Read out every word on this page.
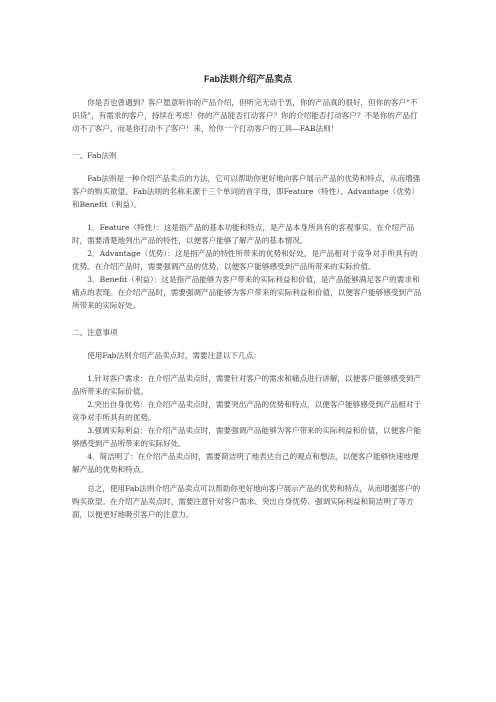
Fab法则介绍产品卖点

你是否也曾遇到？客户愿意听你的产品介绍，但听完无动于衷，你的产品真的很好，但你的客户“不识货”，有需求的客户，持续在考虑！你的产品能否打动客户？你的介绍能否打动客户？不是你的产品打动不了客户，而是你打动不了客户！来，给你一个打动客户的工具—FAB法则！

一、Fab法则

Fab法则是一种介绍产品卖点的方法，它可以帮助你更好地向客户展示产品的优势和特点，从而增强客户的购买欲望。Fab法则的名称来源于三个单词的首字母，即Feature（特性）、Advantage（优势）和Benefit（利益）。

1．Feature（特性）：这是指产品的基本功能和特点，是产品本身所具有的客观事实。在介绍产品时，需要清楚地列出产品的特性，以便客户能够了解产品的基本情况。

2．Advantage（优势）：这是指产品的特性所带来的优势和好处，是产品相对于竞争对手所具有的优势。在介绍产品时，需要强调产品的优势，以便客户能够感受到产品所带来的实际价值。

3．Benefit（利益）：这是指产品能够为客户带来的实际利益和价值，是产品能够满足客户的需求和痛点的表现。在介绍产品时，需要强调产品能够为客户带来的实际利益和价值，以便客户能够感受到产品所带来的实际好处。

二、注意事项

使用Fab法则介绍产品卖点时，需要注意以下几点：

1.针对客户需求：在介绍产品卖点时，需要针对客户的需求和痛点进行讲解，以便客户能够感受到产品所带来的实际价值。

2.突出自身优势：在介绍产品卖点时，需要突出产品的优势和特点，以便客户能够感受到产品相对于竞争对手所具有的优势。

3.强调实际利益：在介绍产品卖点时，需要强调产品能够为客户带来的实际利益和价值，以便客户能够感受到产品所带来的实际好处。

4．简洁明了：在介绍产品卖点时，需要简洁明了地表达自己的观点和想法，以便客户能够快速地理解产品的优势和特点。

总之，使用Fab法则介绍产品卖点可以帮助你更好地向客户展示产品的优势和特点，从而增强客户的购买欲望。在介绍产品卖点时，需要注意针对客户需求、突出自身优势、强调实际利益和简洁明了等方面，以便更好地吸引客户的注意力。
